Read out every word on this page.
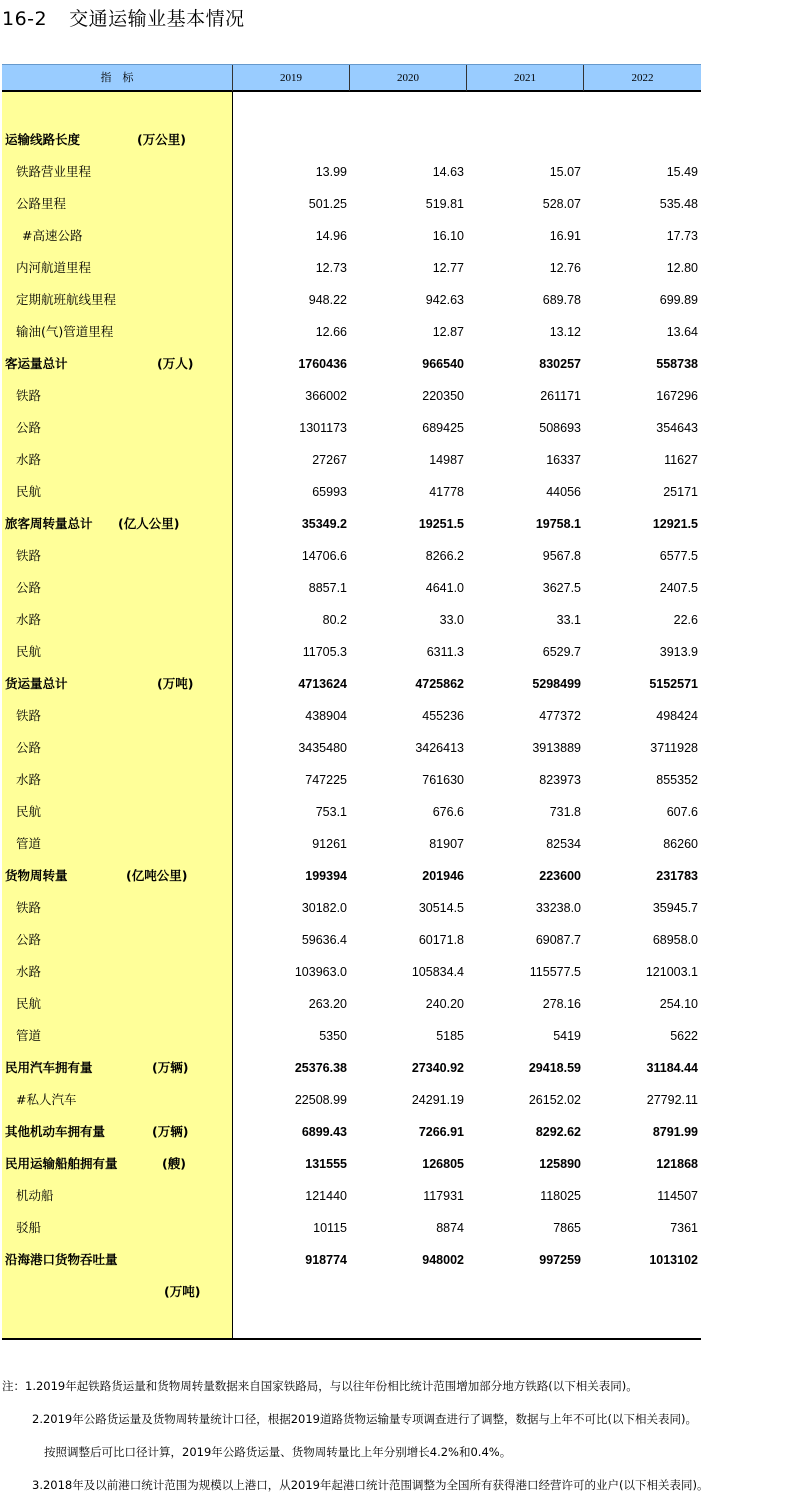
16-2 交通运输业基本情况
指　标	2019	2020	2021	2022
运输线路长度	(万公里)
铁路营业里程	13.99	14.63	15.07	15.49
公路里程	501.25	519.81	528.07	535.48
#高速公路	14.96	16.10	16.91	17.73
内河航道里程	12.73	12.77	12.76	12.80
定期航班航线里程	948.22	942.63	689.78	699.89
输油(气)管道里程	12.66	12.87	13.12	13.64
客运量总计	(万人)	1760436	966540	830257	558738
铁路	366002	220350	261171	167296
公路	1301173	689425	508693	354643
水路	27267	14987	16337	11627
民航	65993	41778	44056	25171
旅客周转量总计 (亿人公里)	35349.2	19251.5	19758.1	12921.5
铁路	14706.6	8266.2	9567.8	6577.5
公路	8857.1	4641.0	3627.5	2407.5
水路	80.2	33.0	33.1	22.6
民航	11705.3	6311.3	6529.7	3913.9
货运量总计	(万吨)	4713624	4725862	5298499	5152571
铁路	438904	455236	477372	498424
公路	3435480	3426413	3913889	3711928
水路	747225	761630	823973	855352
民航	753.1	676.6	731.8	607.6
管道	91261	81907	82534	86260
货物周转量	(亿吨公里)	199394	201946	223600	231783
铁路	30182.0	30514.5	33238.0	35945.7
公路	59636.4	60171.8	69087.7	68958.0
水路	103963.0	105834.4	115577.5	121003.1
民航	263.20	240.20	278.16	254.10
管道	5350	5185	5419	5622
民用汽车拥有量	(万辆)	25376.38	27340.92	29418.59	31184.44
#私人汽车	22508.99	24291.19	26152.02	27792.11
其他机动车拥有量	(万辆)	6899.43	7266.91	8292.62	8791.99
民用运输船舶拥有量	(艘)	131555	126805	125890	121868
机动船	121440	117931	118025	114507
驳船	10115	8874	7865	7361
沿海港口货物吞吐量	918774	948002	997259	1013102
(万吨)
注：1.2019年起铁路货运量和货物周转量数据来自国家铁路局，与以往年份相比统计范围增加部分地方铁路(以下相关表同)。
2.2019年公路货运量及货物周转量统计口径，根据2019道路货物运输量专项调查进行了调整，数据与上年不可比(以下相关表同)。
按照调整后可比口径计算，2019年公路货运量、货物周转量比上年分别增长4.2%和0.4%。
3.2018年及以前港口统计范围为规模以上港口，从2019年起港口统计范围调整为全国所有获得港口经营许可的业户(以下相关表同)。
